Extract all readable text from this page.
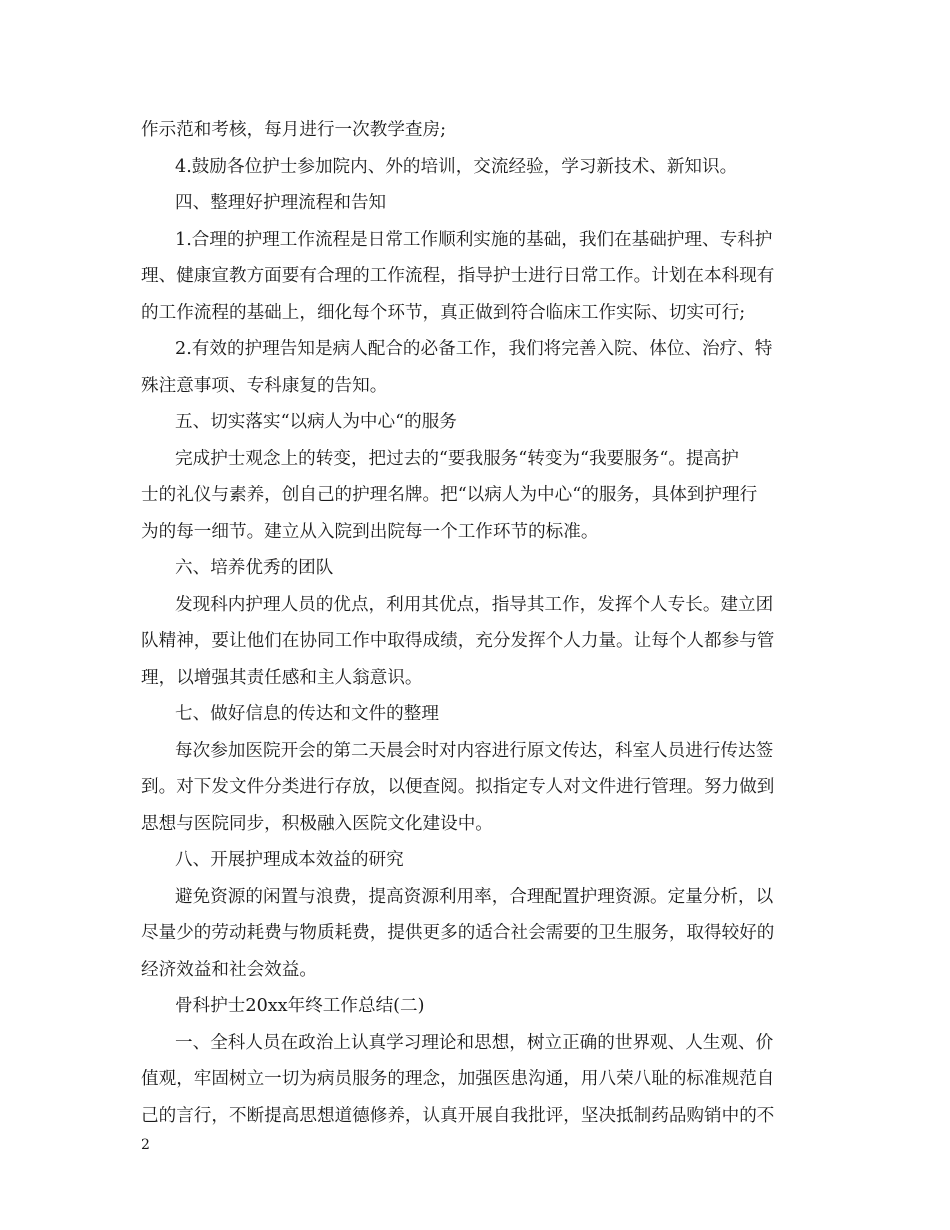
作示范和考核，每月进行一次教学查房;
4.鼓励各位护士参加院内、外的培训，交流经验，学习新技术、新知识。
四、整理好护理流程和告知
1.合理的护理工作流程是日常工作顺利实施的基础，我们在基础护理、专科护
理、健康宣教方面要有合理的工作流程，指导护士进行日常工作。计划在本科现有
的工作流程的基础上，细化每个环节，真正做到符合临床工作实际、切实可行;
2.有效的护理告知是病人配合的必备工作，我们将完善入院、体位、治疗、特
殊注意事项、专科康复的告知。
五、切实落实“以病人为中心“的服务
完成护士观念上的转变，把过去的“要我服务“转变为“我要服务“。提高护
士的礼仪与素养，创自己的护理名牌。把“以病人为中心“的服务，具体到护理行
为的每一细节。建立从入院到出院每一个工作环节的标准。
六、培养优秀的团队
发现科内护理人员的优点，利用其优点，指导其工作，发挥个人专长。建立团
队精神，要让他们在协同工作中取得成绩，充分发挥个人力量。让每个人都参与管
理，以增强其责任感和主人翁意识。
七、做好信息的传达和文件的整理
每次参加医院开会的第二天晨会时对内容进行原文传达，科室人员进行传达签
到。对下发文件分类进行存放，以便查阅。拟指定专人对文件进行管理。努力做到
思想与医院同步，积极融入医院文化建设中。
八、开展护理成本效益的研究
避免资源的闲置与浪费，提高资源利用率，合理配置护理资源。定量分析，以
尽量少的劳动耗费与物质耗费，提供更多的适合社会需要的卫生服务，取得较好的
经济效益和社会效益。
骨科护士20xx年终工作总结(二)
一、全科人员在政治上认真学习理论和思想，树立正确的世界观、人生观、价
值观，牢固树立一切为病员服务的理念，加强医患沟通，用八荣八耻的标准规范自
己的言行，不断提高思想道德修养，认真开展自我批评，坚决抵制药品购销中的不
2
